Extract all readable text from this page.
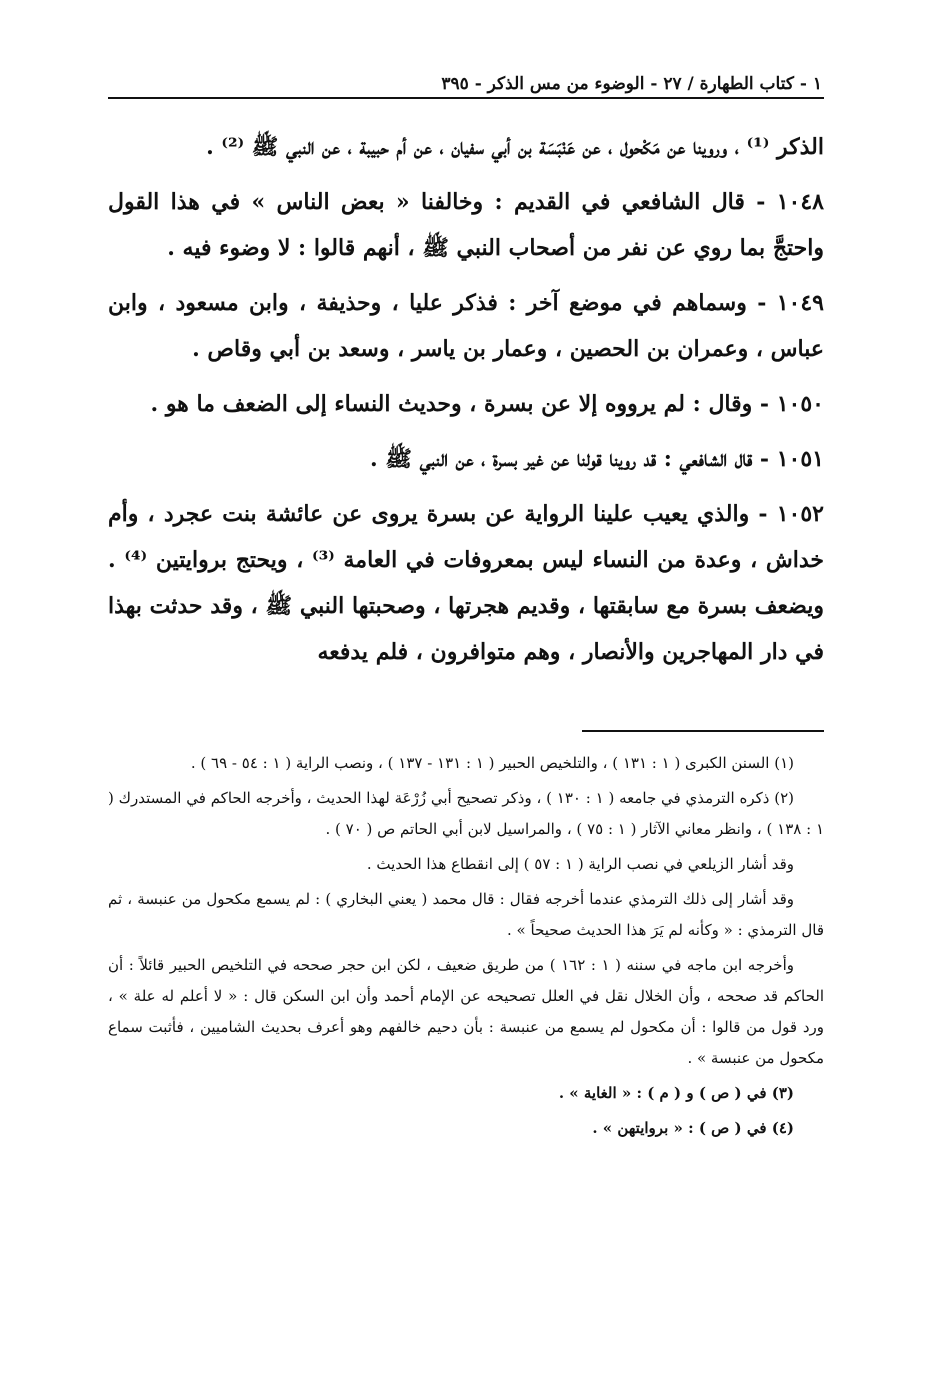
١ - كتاب الطهارة / ٢٧ - الوضوء من مس الذكر - ٣٩٥

الذكر ⁽¹⁾ ، وروينا عن مَكْحول ، عن عَنْبَسَة بن أبي سفيان ، عن أم حبيبة ، عن النبي ﷺ ⁽²⁾ .

١٠٤٨ - قال الشافعي في القديم : وخالفنا « بعض الناس » في هذا القول واحتجَّ بما روي عن نفر من أصحاب النبي ﷺ ، أنهم قالوا : لا وضوء فيه .

١٠٤٩ - وسماهم في موضع آخر : فذكر عليا ، وحذيفة ، وابن مسعود ، وابن عباس ، وعمران بن الحصين ، وعمار بن ياسر ، وسعد بن أبي وقاص .

١٠٥٠ - وقال : لم يرووه إلا عن بسرة ، وحديث النساء إلى الضعف ما هو .

١٠٥١ - قال الشافعي : قد روينا قولنا عن غير بسرة ، عن النبي ﷺ .

١٠٥٢ - والذي يعيب علينا الرواية عن بسرة يروى عن عائشة بنت عجرد ، وأم خداش ، وعدة من النساء ليس بمعروفات في العامة ⁽³⁾ ، ويحتج بروايتين ⁽⁴⁾ . ويضعف بسرة مع سابقتها ، وقديم هجرتها ، وصحبتها النبي ﷺ ، وقد حدثت بهذا في دار المهاجرين والأنصار ، وهم متوافرون ، فلم يدفعه

(١) السنن الكبرى ( ١ : ١٣١ ) ، والتلخيص الحبير ( ١ : ١٣١ - ١٣٧ ) ، ونصب الراية ( ١ : ٥٤ - ٦٩ ) .

(٢) ذكره الترمذي في جامعه ( ١ : ١٣٠ ) ، وذكر تصحيح أبي زُرْعَة لهذا الحديث ، وأخرجه الحاكم في المستدرك ( ١ : ١٣٨ ) ، وانظر معاني الآثار ( ١ : ٧٥ ) ، والمراسيل لابن أبي الحاتم ص ( ٧٠ ) .

وقد أشار الزيلعي في نصب الراية ( ١ : ٥٧ ) إلى انقطاع هذا الحديث .

وقد أشار إلى ذلك الترمذي عندما أخرجه فقال : قال محمد ( يعني البخاري ) : لم يسمع مكحول من عنبسة ، ثم قال الترمذي : « وكأنه لم يَرَ هذا الحديث صحيحاً » .

وأخرجه ابن ماجه في سننه ( ١ : ١٦٢ ) من طريق ضعيف ، لكن ابن حجر صححه في التلخيص الحبير قائلاً : أن الحاكم قد صححه ، وأن الخلال نقل في العلل تصحيحه عن الإمام أحمد وأن ابن السكن قال : « لا أعلم له علة » ، ورد قول من قالوا : أن مكحول لم يسمع من عنبسة : بأن دحيم خالفهم وهو أعرف بحديث الشاميين ، فأثبت سماع مكحول من عنبسة » .

(٣) في ( ص ) و ( م ) : « الغاية » .

(٤) في ( ص ) : « بروايتهن » .
